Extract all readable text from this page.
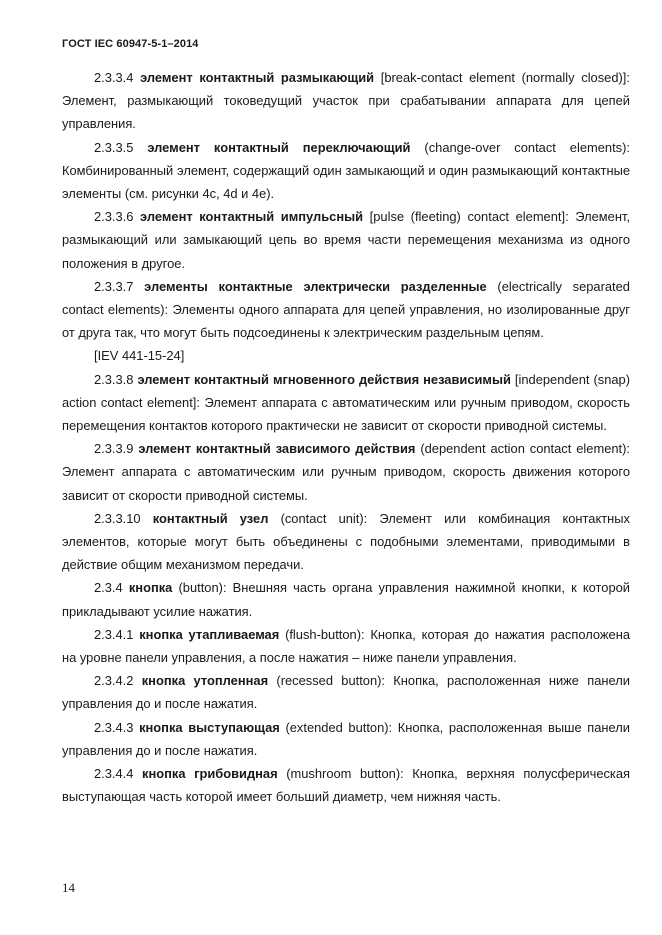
ГОСТ IEC 60947-5-1–2014

2.3.3.4 элемент контактный размыкающий [break-contact element (normally closed)]: Элемент, размыкающий токоведущий участок при срабатывании аппарата для цепей управления.

2.3.3.5 элемент контактный переключающий (change-over contact elements): Комбинированный элемент, содержащий один замыкающий и один размыкающий контактные элементы (см. рисунки 4c, 4d и 4e).

2.3.3.6 элемент контактный импульсный [pulse (fleeting) contact element]: Элемент, размыкающий или замыкающий цепь во время части перемещения механизма из одного положения в другое.

2.3.3.7 элементы контактные электрически разделенные (electrically separated contact elements): Элементы одного аппарата для цепей управления, но изолированные друг от друга так, что могут быть подсоединены к электрическим раздельным цепям.

[IEV 441-15-24]

2.3.3.8 элемент контактный мгновенного действия независимый [independent (snap) action contact element]: Элемент аппарата с автоматическим или ручным приводом, скорость перемещения контактов которого практически не зависит от скорости приводной системы.

2.3.3.9 элемент контактный зависимого действия (dependent action contact element): Элемент аппарата с автоматическим или ручным приводом, скорость движения которого зависит от скорости приводной системы.

2.3.3.10 контактный узел (contact unit): Элемент или комбинация контактных элементов, которые могут быть объединены с подобными элементами, приводимыми в действие общим механизмом передачи.

2.3.4 кнопка (button): Внешняя часть органа управления нажимной кнопки, к которой прикладывают усилие нажатия.

2.3.4.1 кнопка утапливаемая (flush-button): Кнопка, которая до нажатия расположена на уровне панели управления, а после нажатия – ниже панели управления.

2.3.4.2 кнопка утопленная (recessed button): Кнопка, расположенная ниже панели управления до и после нажатия.

2.3.4.3 кнопка выступающая (extended button): Кнопка, расположенная выше панели управления до и после нажатия.

2.3.4.4 кнопка грибовидная (mushroom button): Кнопка, верхняя полусферическая выступающая часть которой имеет больший диаметр, чем нижняя часть.

14
